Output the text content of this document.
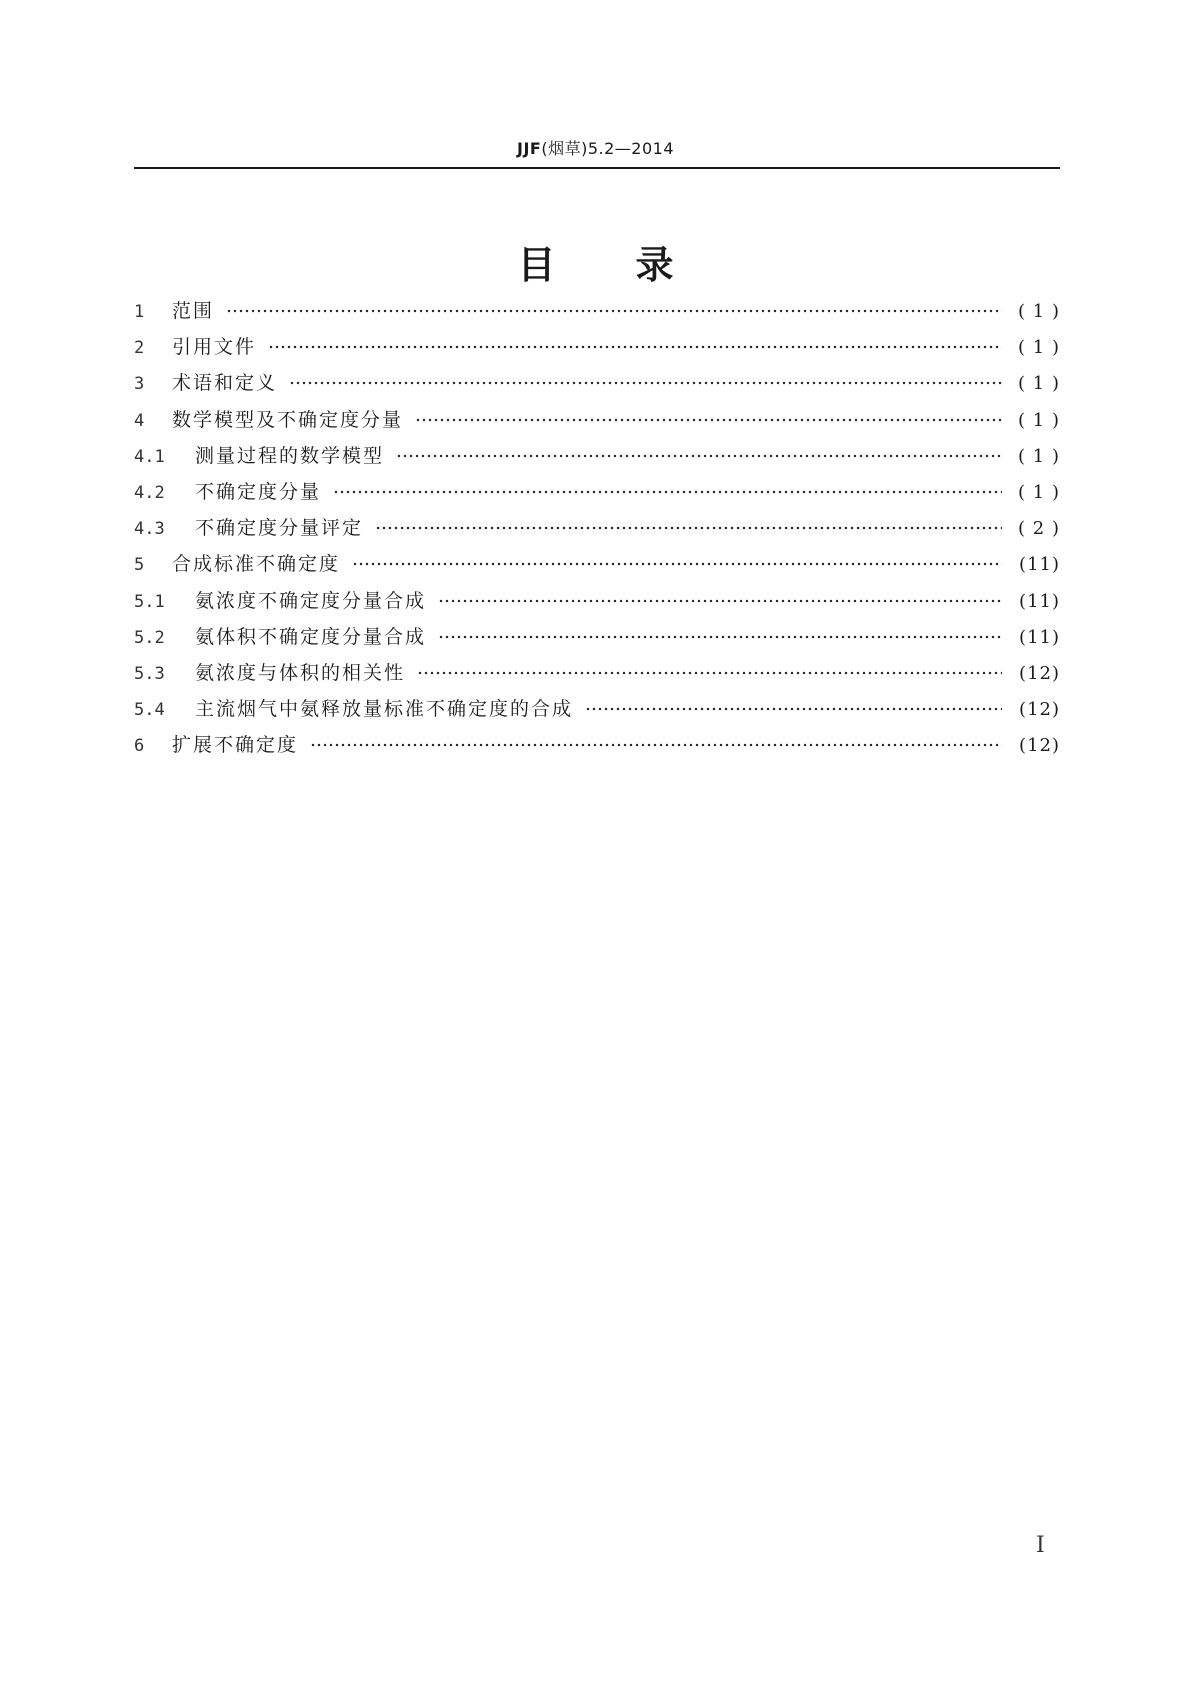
JJF(烟草)5.2—2014
目录
1	范围	( 1 )
2	引用文件	( 1 )
3	术语和定义	( 1 )
4	数学模型及不确定度分量	( 1 )
4.1	测量过程的数学模型	( 1 )
4.2	不确定度分量	( 1 )
4.3	不确定度分量评定	( 2 )
5	合成标准不确定度	(11)
5.1	氨浓度不确定度分量合成	(11)
5.2	氨体积不确定度分量合成	(11)
5.3	氨浓度与体积的相关性	(12)
5.4	主流烟气中氨释放量标准不确定度的合成	(12)
6	扩展不确定度	(12)
I
